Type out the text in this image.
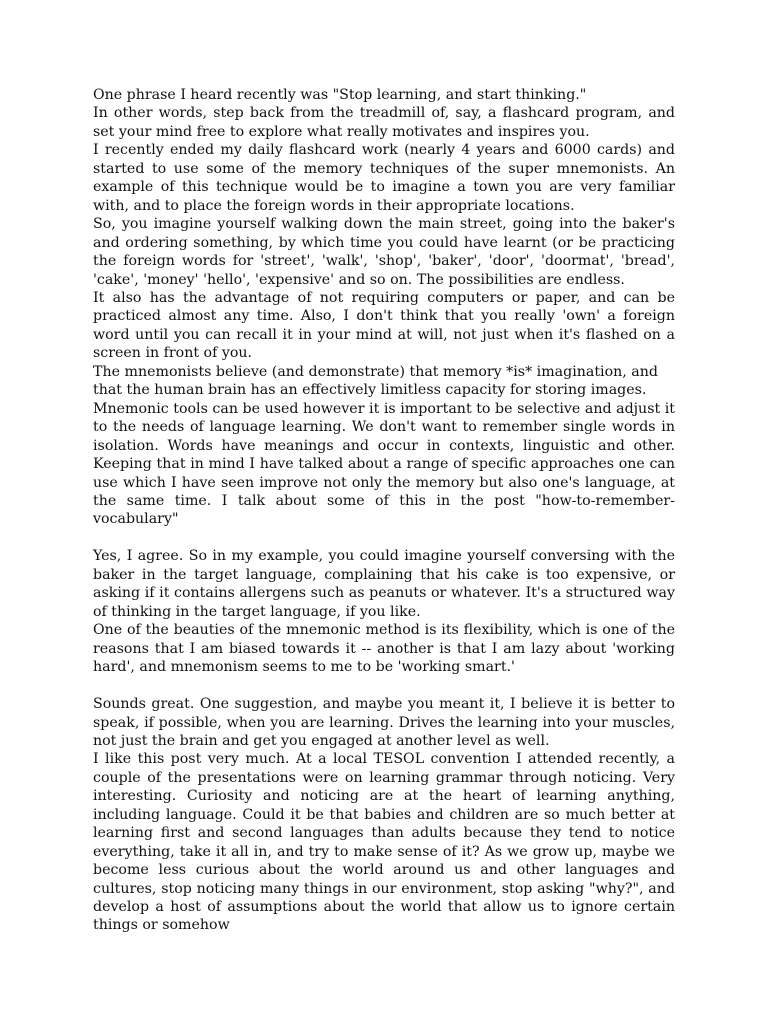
One phrase I heard recently was "Stop learning, and start thinking."

In other words, step back from the treadmill of, say, a flashcard program, and set your mind free to explore what really motivates and inspires you.

I recently ended my daily flashcard work (nearly 4 years and 6000 cards) and started to use some of the memory techniques of the super mnemonists. An example of this technique would be to imagine a town you are very familiar with, and to place the foreign words in their appropriate locations.

So, you imagine yourself walking down the main street, going into the baker's and ordering something, by which time you could have learnt (or be practicing the foreign words for 'street', 'walk', 'shop', 'baker', 'door', 'doormat', 'bread', 'cake', 'money' 'hello', 'expensive' and so on. The possibilities are endless.

It also has the advantage of not requiring computers or paper, and can be practiced almost any time. Also, I don't think that you really 'own' a foreign word until you can recall it in your mind at will, not just when it's flashed on a screen in front of you.

The mnemonists believe (and demonstrate) that memory *is* imagination, and that the human brain has an effectively limitless capacity for storing images.

Mnemonic tools can be used however it is important to be selective and adjust it to the needs of language learning. We don't want to remember single words in isolation. Words have meanings and occur in contexts, linguistic and other. Keeping that in mind I have talked about a range of specific approaches one can use which I have seen improve not only the memory but also one's language, at the same time. I talk about some of this in the post "how-to-remember-vocabulary"

Yes, I agree. So in my example, you could imagine yourself conversing with the baker in the target language, complaining that his cake is too expensive, or asking if it contains allergens such as peanuts or whatever. It's a structured way of thinking in the target language, if you like.

One of the beauties of the mnemonic method is its flexibility, which is one of the reasons that I am biased towards it -- another is that I am lazy about 'working hard', and mnemonism seems to me to be 'working smart.'

Sounds great. One suggestion, and maybe you meant it, I believe it is better to speak, if possible, when you are learning. Drives the learning into your muscles, not just the brain and get you engaged at another level as well.

I like this post very much. At a local TESOL convention I attended recently, a couple of the presentations were on learning grammar through noticing. Very interesting. Curiosity and noticing are at the heart of learning anything, including language. Could it be that babies and children are so much better at learning first and second languages than adults because they tend to notice everything, take it all in, and try to make sense of it? As we grow up, maybe we become less curious about the world around us and other languages and cultures, stop noticing many things in our environment, stop asking "why?", and develop a host of assumptions about the world that allow us to ignore certain things or somehow
